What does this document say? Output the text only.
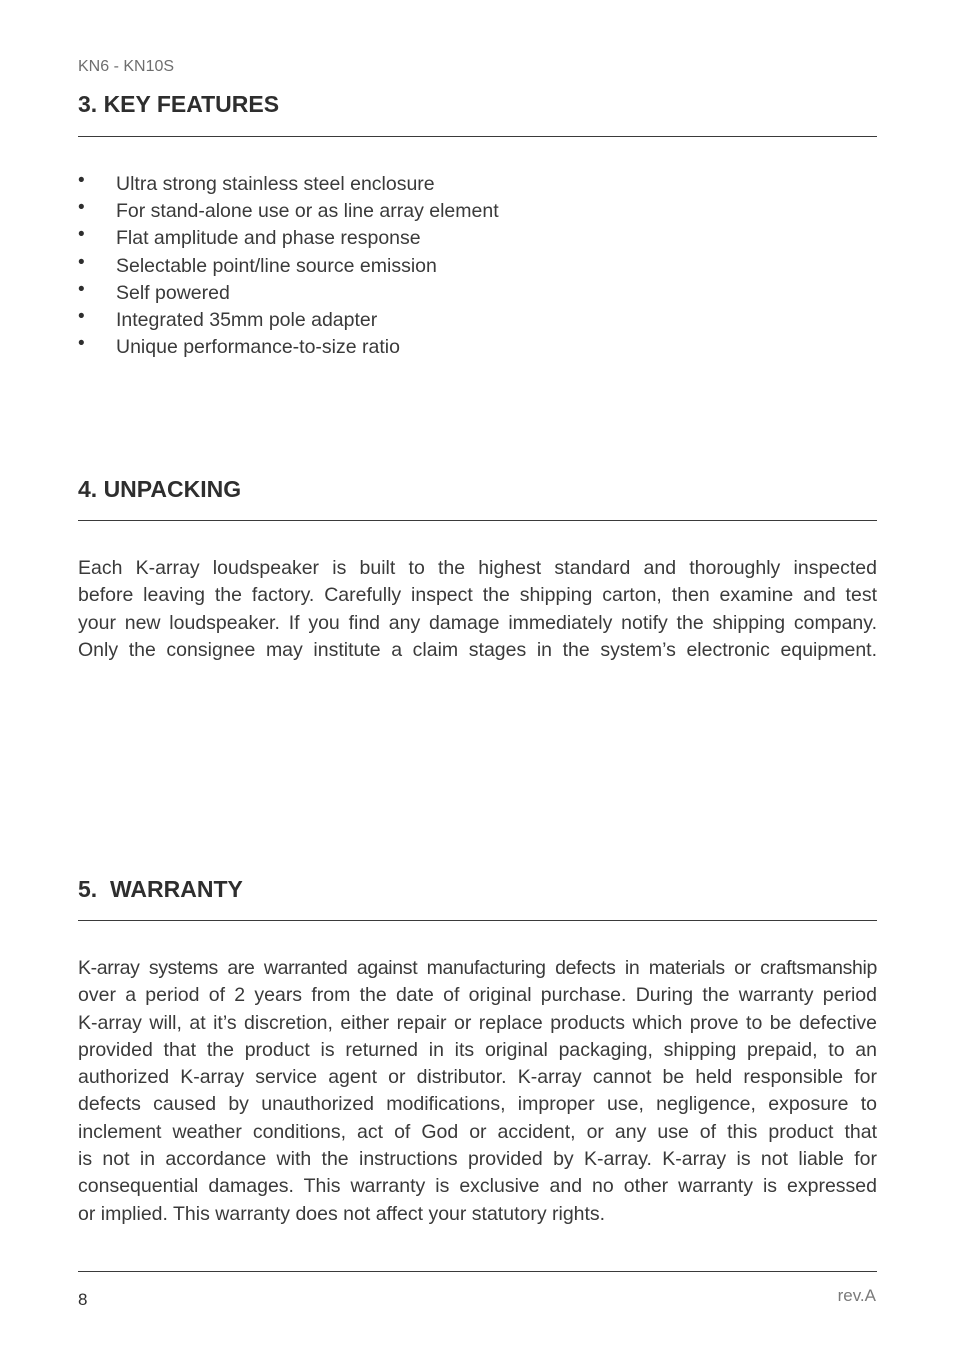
KN6 - KN10S
3. KEY FEATURES
• Ultra strong stainless steel enclosure
• For stand-alone use or as line array element
• Flat amplitude and phase response
• Selectable point/line source emission
• Self powered
• Integrated 35mm pole adapter
• Unique performance-to-size ratio
4. UNPACKING

Each K-array loudspeaker is built to the highest standard and thoroughly inspected
before leaving the factory. Carefully inspect the shipping carton, then examine and test
your new loudspeaker. If you find any damage immediately notify the shipping company.
Only the consignee may institute a claim stages in the system’s electronic equipment.

5.  WARRANTY

K-array systems are warranted against manufacturing defects in materials or craftsmanship
over a period of 2 years from the date of original purchase. During the warranty period
K-array will, at it’s discretion, either repair or replace products which prove to be defective
provided that the product is returned in its original packaging, shipping prepaid, to an
authorized K-array service agent or distributor. K-array cannot be held responsible for
defects caused by unauthorized modifications, improper use, negligence, exposure to
inclement weather conditions, act of God or accident, or any use of this product that
is not in accordance with the instructions provided by K-array. K-array is not liable for
consequential damages. This warranty is exclusive and no other warranty is expressed
or implied. This warranty does not affect your statutory rights.

8	rev.A
